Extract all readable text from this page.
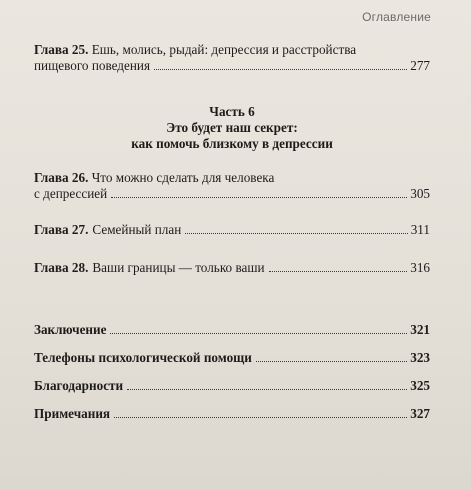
Оглавление
Глава 25. Ешь, молись, рыдай: депрессия и расстройства
пищевого поведения	277
Часть 6
Это будет наш секрет:
как помочь близкому в депрессии
Глава 26. Что можно сделать для человека
с депрессией	305
Глава 27. Семейный план	311
Глава 28. Ваши границы — только ваши	316
Заключение	321
Телефоны психологической помощи	323
Благодарности	325
Примечания	327
